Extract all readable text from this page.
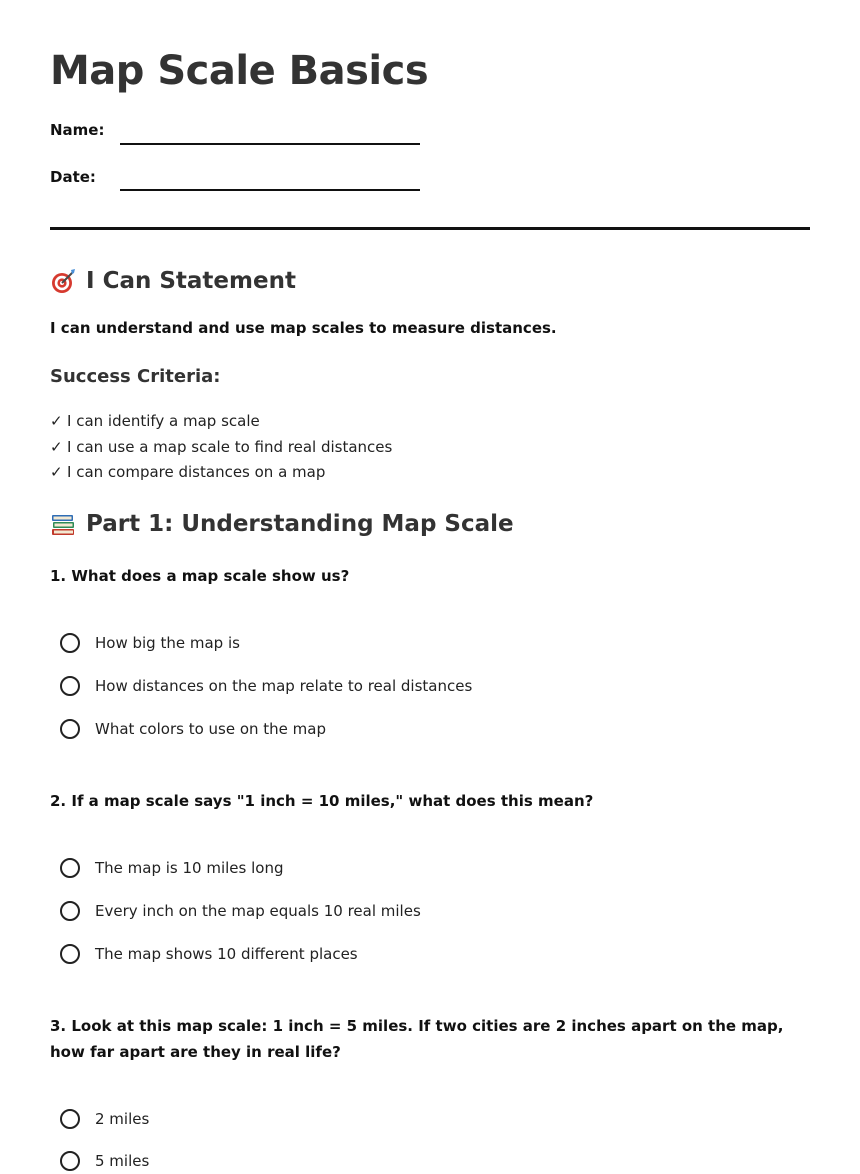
Map Scale Basics
Name:
Date:
I Can Statement
I can understand and use map scales to measure distances.
Success Criteria:
✓ I can identify a map scale
✓ I can use a map scale to find real distances
✓ I can compare distances on a map
Part 1: Understanding Map Scale
1. What does a map scale show us?
How big the map is
How distances on the map relate to real distances
What colors to use on the map
2. If a map scale says "1 inch = 10 miles," what does this mean?
The map is 10 miles long
Every inch on the map equals 10 real miles
The map shows 10 different places
3. Look at this map scale: 1 inch = 5 miles. If two cities are 2 inches apart on the map, how far apart are they in real life?
2 miles
5 miles
